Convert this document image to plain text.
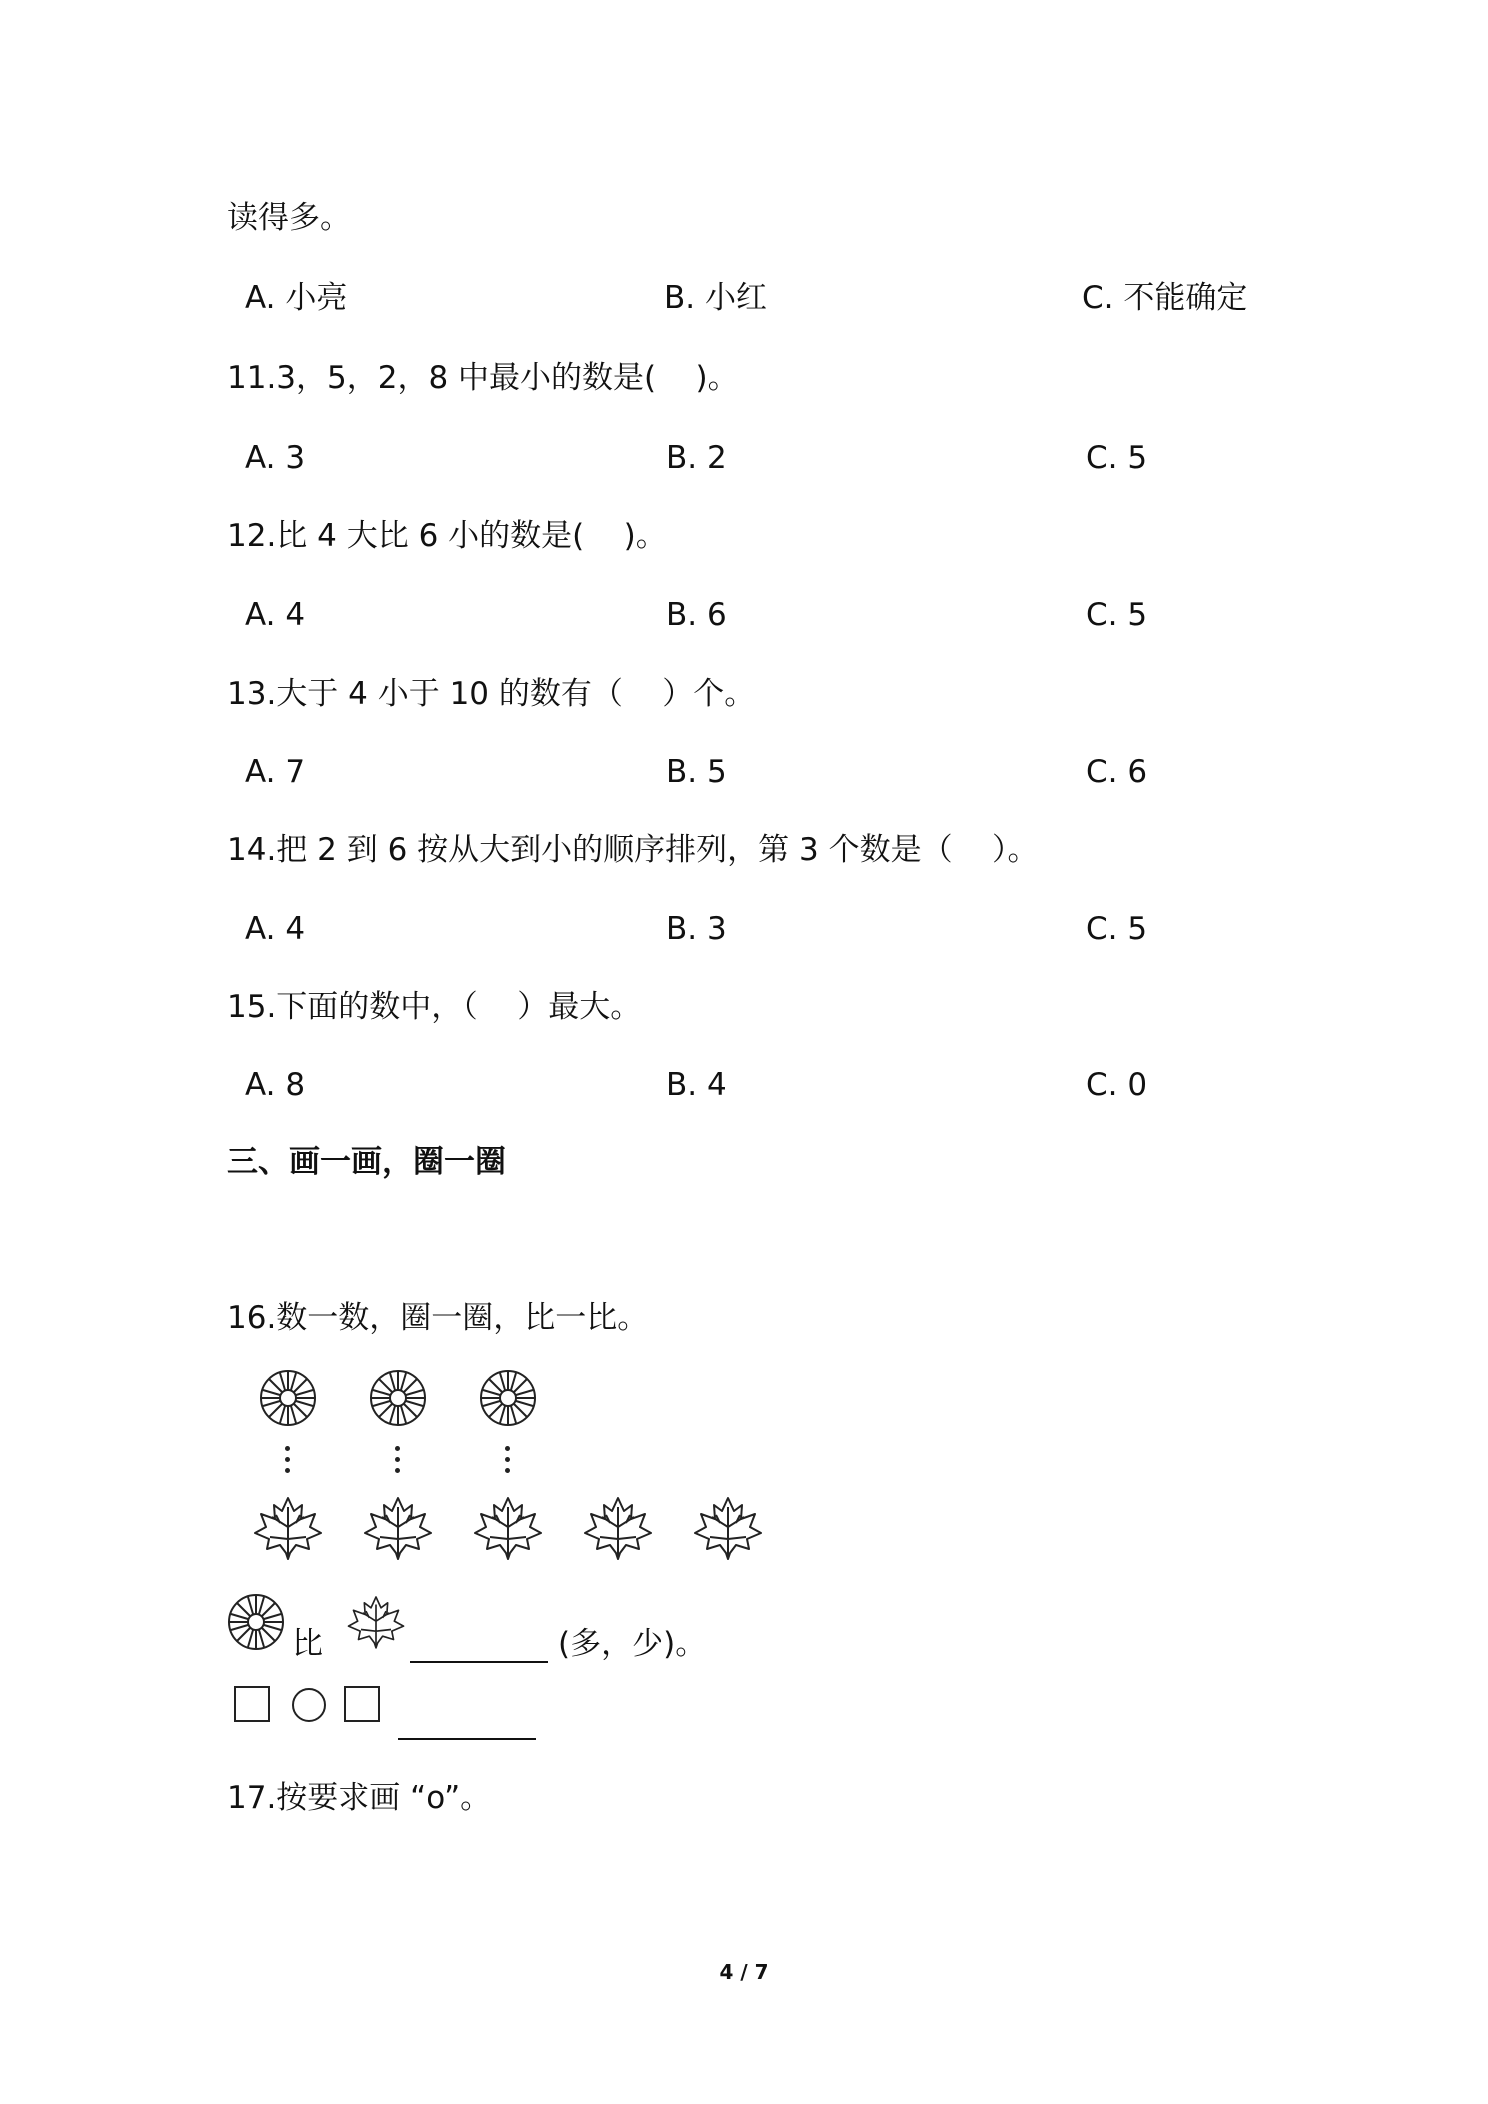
读得多。
A. 小亮	B. 小红	C. 不能确定
11.3，5，2，8 中最小的数是(    )。
A. 3	B. 2	C. 5
12.比 4 大比 6 小的数是(    )。
A. 4	B. 6	C. 5
13.大于 4 小于 10 的数有（    ）个。
A. 7	B. 5	C. 6
14.把 2 到 6 按从大到小的顺序排列，第 3 个数是（    ）。
A. 4	B. 3	C. 5
15.下面的数中，（    ）最大。
A. 8	B. 4	C. 0
三、画一画，圈一圈
16.数一数，圈一圈，比一比。
比	(多，少)。
17.按要求画 “o”。
4 / 7
